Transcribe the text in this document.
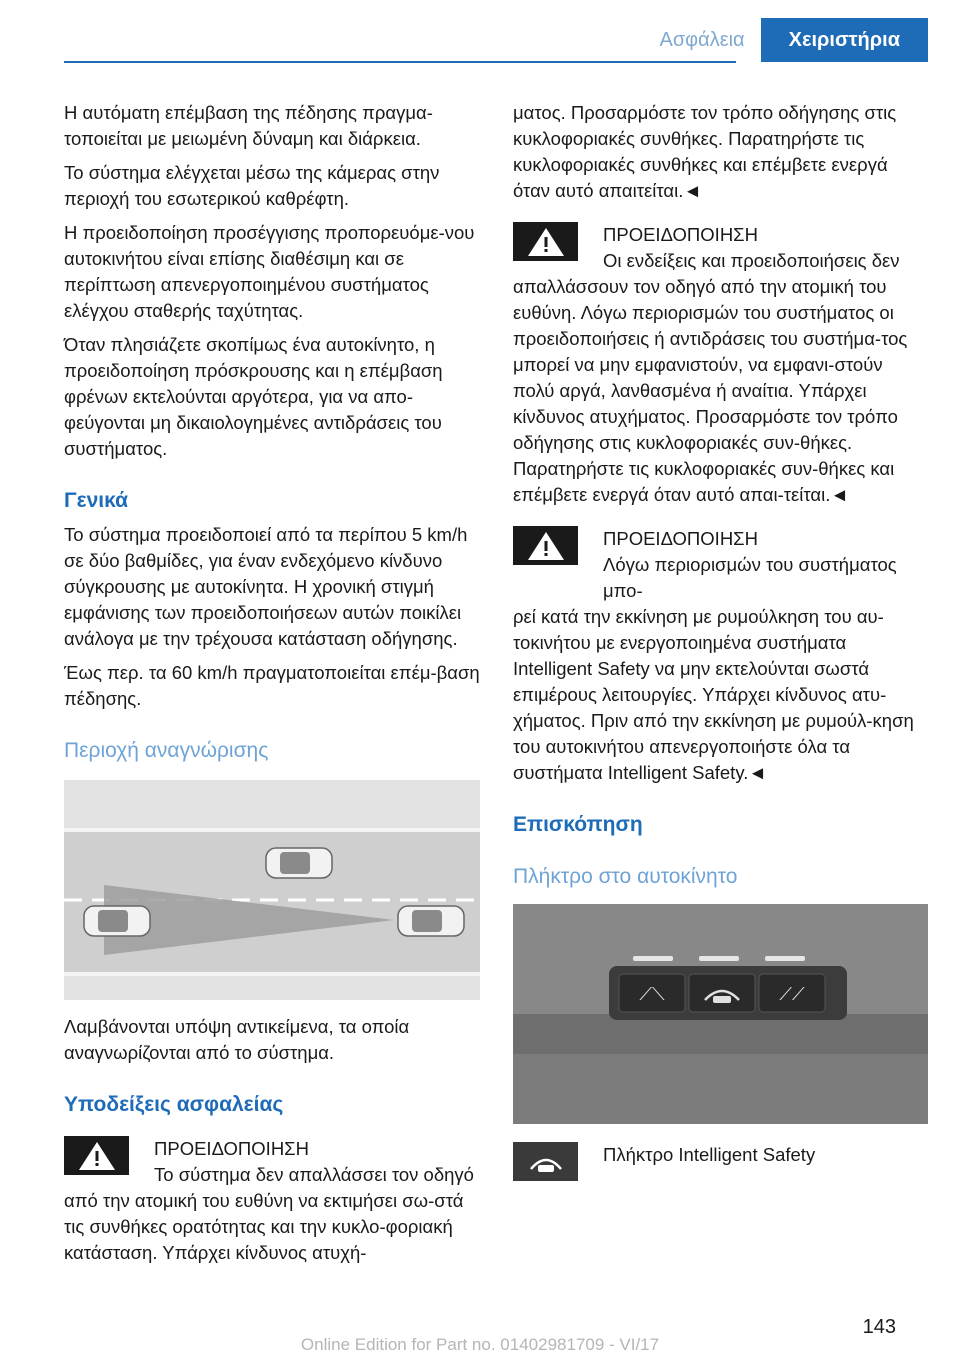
Ασφάλεια	Χειριστήρια

Η αυτόματη επέμβαση της πέδησης πραγμα-τοποιείται με μειωμένη δύναμη και διάρκεια.

Το σύστημα ελέγχεται μέσω της κάμερας στην περιοχή του εσωτερικού καθρέφτη.

Η προειδοποίηση προσέγγισης προπορευόμε-νου αυτοκινήτου είναι επίσης διαθέσιμη και σε περίπτωση απενεργοποιημένου συστήματος ελέγχου σταθερής ταχύτητας.

Όταν πλησιάζετε σκοπίμως ένα αυτοκίνητο, η προειδοποίηση πρόσκρουσης και η επέμβαση φρένων εκτελούνται αργότερα, για να απο-φεύγονται μη δικαιολογημένες αντιδράσεις του συστήματος.

Γενικά

Το σύστημα προειδοποιεί από τα περίπου 5 km/h σε δύο βαθμίδες, για έναν ενδεχόμενο κίνδυνο σύγκρουσης με αυτοκίνητα. Η χρονική στιγμή εμφάνισης των προειδοποιήσεων αυτών ποικίλει ανάλογα με την τρέχουσα κατάσταση οδήγησης.

Έως περ. τα 60 km/h πραγματοποιείται επέμ-βαση πέδησης.

Περιοχή αναγνώρισης

Λαμβάνονται υπόψη αντικείμενα, τα οποία αναγνωρίζονται από το σύστημα.

Υποδείξεις ασφαλείας
ΠΡΟΕΙΔΟΠΟΙΗΣΗ
Το σύστημα δεν απαλλάσσει τον οδηγό
από την ατομική του ευθύνη να εκτιμήσει σω-στά τις συνθήκες ορατότητας και την κυκλο-φοριακή κατάσταση. Υπάρχει κίνδυνος ατυχή-

ματος. Προσαρμόστε τον τρόπο οδήγησης στις κυκλοφοριακές συνθήκες. Παρατηρήστε τις κυκλοφοριακές συνθήκες και επέμβετε ενεργά όταν αυτό απαιτείται.◄

ΠΡΟΕΙΔΟΠΟΙΗΣΗ
Οι ενδείξεις και προειδοποιήσεις δεν
απαλλάσσουν τον οδηγό από την ατομική του ευθύνη. Λόγω περιορισμών του συστήματος οι προειδοποιήσεις ή αντιδράσεις του συστήμα-τος μπορεί να μην εμφανιστούν, να εμφανι-στούν πολύ αργά, λανθασμένα ή αναίτια. Υπάρχει κίνδυνος ατυχήματος. Προσαρμόστε τον τρόπο οδήγησης στις κυκλοφοριακές συν-θήκες. Παρατηρήστε τις κυκλοφοριακές συν-θήκες και επέμβετε ενεργά όταν αυτό απαι-τείται.◄
ΠΡΟΕΙΔΟΠΟΙΗΣΗ
Λόγω περιορισμών του συστήματος μπο-
ρεί κατά την εκκίνηση με ρυμούλκηση του αυ-τοκινήτου με ενεργοποιημένα συστήματα Intelligent Safety να μην εκτελούνται σωστά επιμέρους λειτουργίες. Υπάρχει κίνδυνος ατυ-χήματος. Πριν από την εκκίνηση με ρυμούλ-κηση του αυτοκινήτου απενεργοποιήστε όλα τα συστήματα Intelligent Safety.◄
Επισκόπηση
Πλήκτρο στο αυτοκίνητο
⟋⟍	⟋⟋
Πλήκτρο Intelligent Safety
143
Online Edition for Part no. 01402981709 - VI/17
